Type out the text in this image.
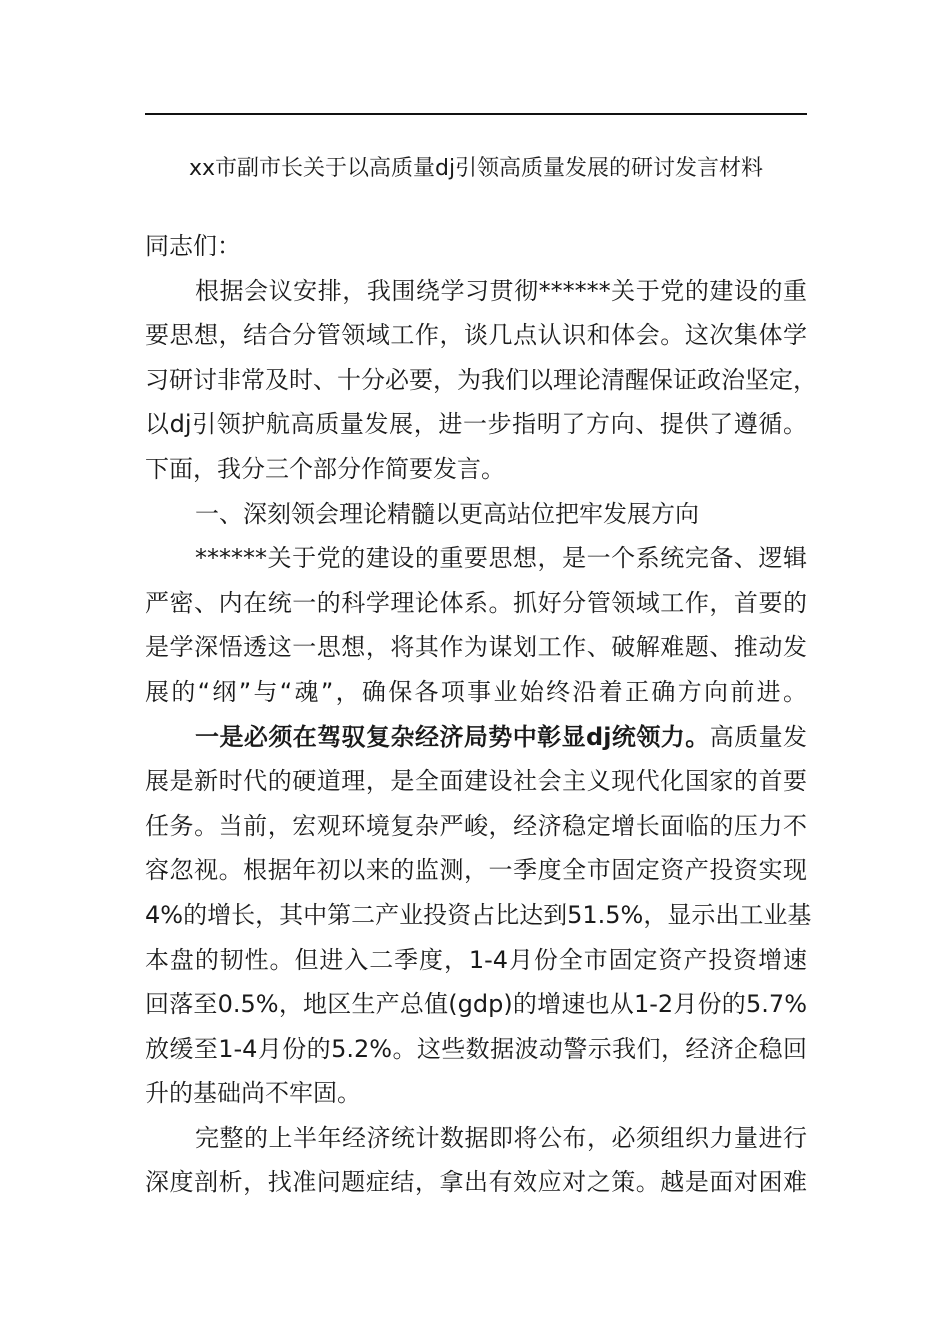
xx市副市长关于以高质量dj引领高质量发展的研讨发言材料
同志们：
根据会议安排，我围绕学习贯彻******关于党的建设的重
要思想，结合分管领域工作，谈几点认识和体会。这次集体学
习研讨非常及时、十分必要，为我们以理论清醒保证政治坚定，
以dj引领护航高质量发展，进一步指明了方向、提供了遵循。
下面，我分三个部分作简要发言。
一、深刻领会理论精髓以更高站位把牢发展方向
******关于党的建设的重要思想，是一个系统完备、逻辑
严密、内在统一的科学理论体系。抓好分管领域工作，首要的
是学深悟透这一思想，将其作为谋划工作、破解难题、推动发
展的“纲”与“魂”，确保各项事业始终沿着正确方向前进。
一是必须在驾驭复杂经济局势中彰显dj统领力。高质量发
展是新时代的硬道理，是全面建设社会主义现代化国家的首要
任务。当前，宏观环境复杂严峻，经济稳定增长面临的压力不
容忽视。根据年初以来的监测，一季度全市固定资产投资实现
4%的增长，其中第二产业投资占比达到51.5%，显示出工业基
本盘的韧性。但进入二季度，1-4月份全市固定资产投资增速
回落至0.5%，地区生产总值(gdp)的增速也从1-2月份的5.7%
放缓至1-4月份的5.2%。这些数据波动警示我们，经济企稳回
升的基础尚不牢固。
完整的上半年经济统计数据即将公布，必须组织力量进行
深度剖析，找准问题症结，拿出有效应对之策。越是面对困难
